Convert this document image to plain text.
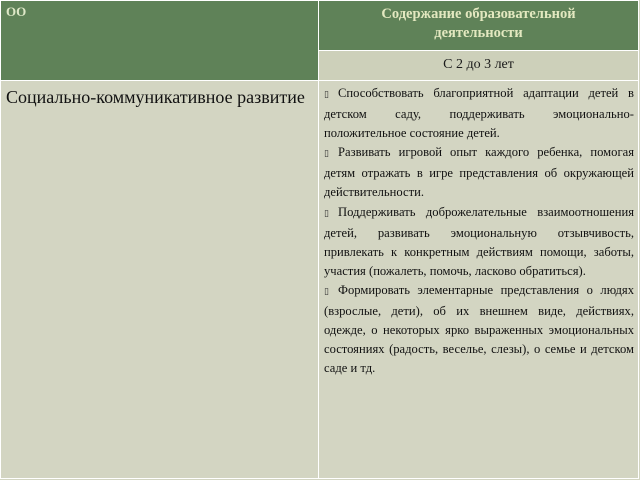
ОО	Содержание образовательной деятельности

	С 2 до 3 лет

Социально-коммуникативное развитие	▯ Способствовать благоприятной адаптации детей в детском саду, поддерживать эмоционально-положительное состояние детей.

▯ Развивать игровой опыт каждого ребенка, помогая детям отражать в игре представления об окружающей действительности.

▯ Поддерживать доброжелательные взаимоотношения детей, развивать эмоциональную отзывчивость, привлекать к конкретным действиям помощи, заботы, участия (пожалеть, помочь, ласково обратиться).

▯ Формировать элементарные представления о людях (взрослые, дети), об их внешнем виде, действиях, одежде, о некоторых ярко выраженных эмоциональных состояниях (радость, веселье, слезы), о семье и детском саде и тд.
